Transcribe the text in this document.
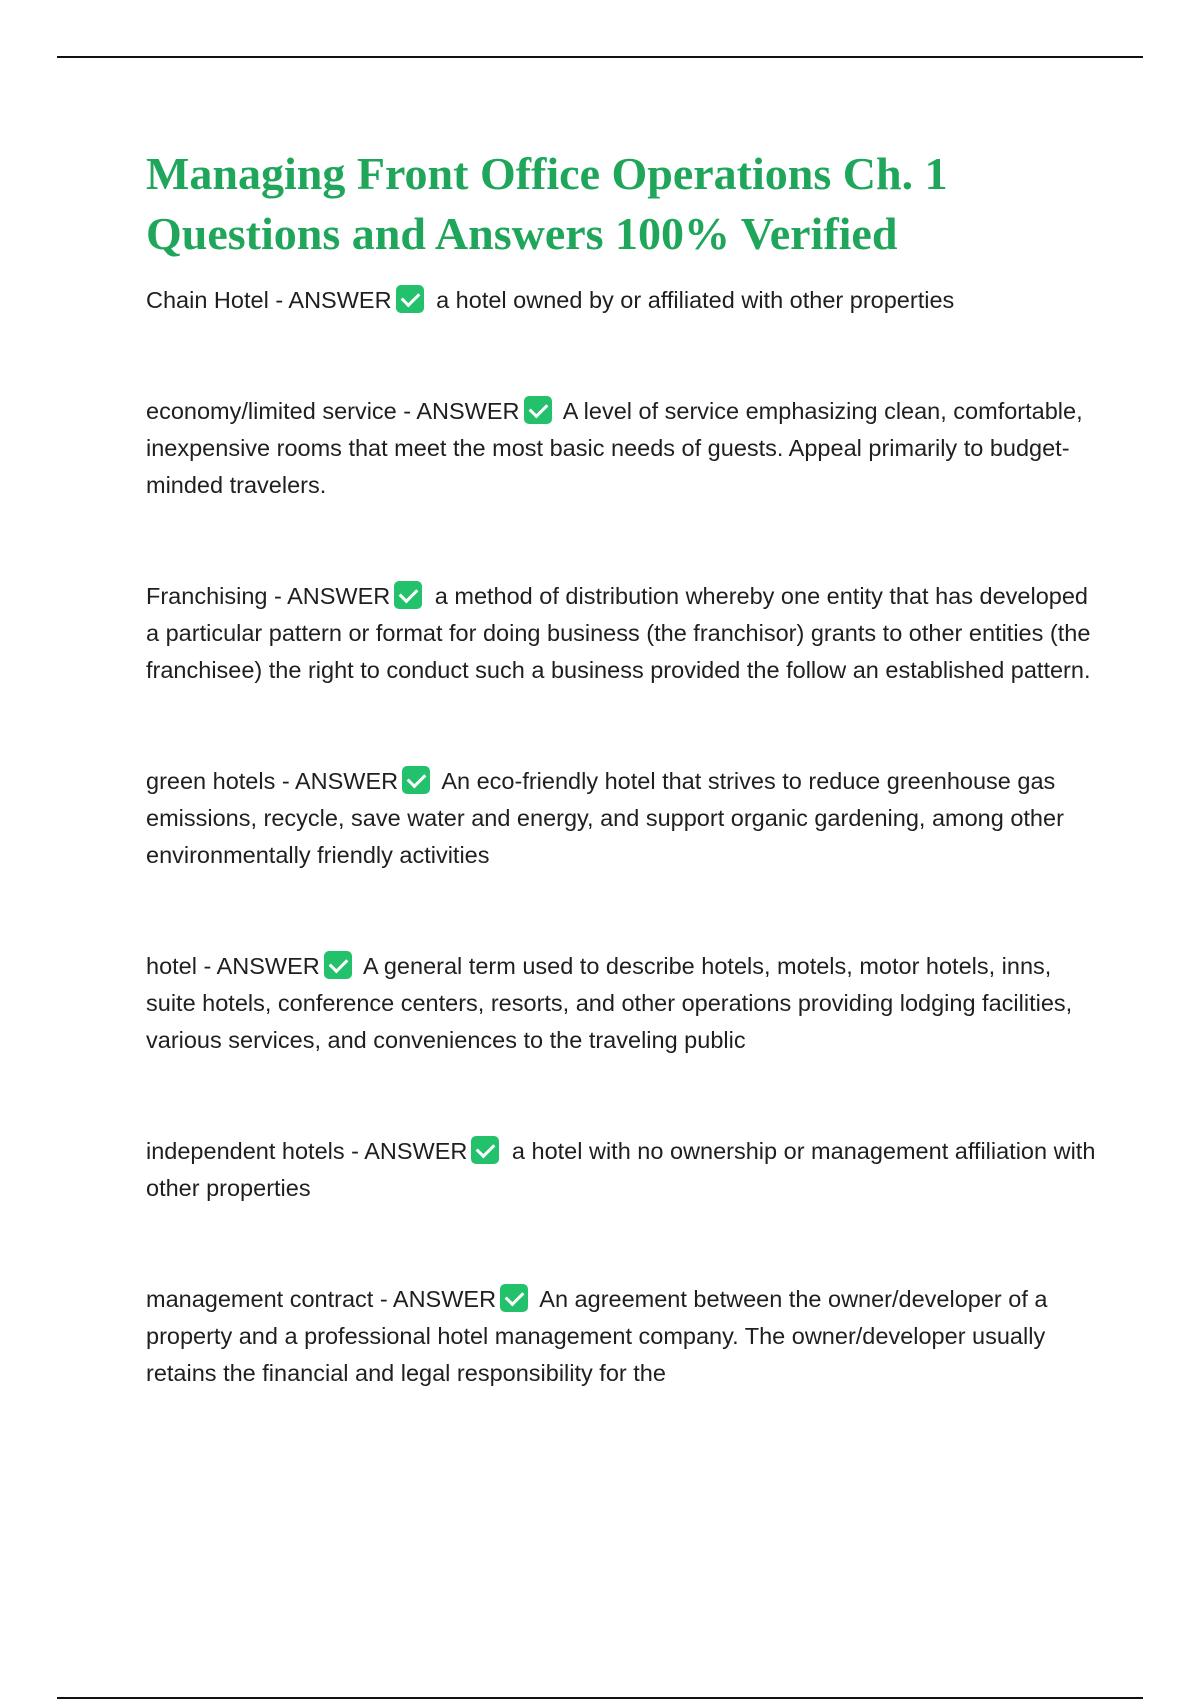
Managing Front Office Operations Ch. 1 Questions and Answers 100% Verified

Chain Hotel - ANSWER a hotel owned by or affiliated with other properties

economy/limited service - ANSWER A level of service emphasizing clean, comfortable, inexpensive rooms that meet the most basic needs of guests. Appeal primarily to budget-minded travelers.

Franchising - ANSWER a method of distribution whereby one entity that has developed a particular pattern or format for doing business (the franchisor) grants to other entities (the franchisee) the right to conduct such a business provided the follow an established pattern.

green hotels - ANSWER An eco-friendly hotel that strives to reduce greenhouse gas emissions, recycle, save water and energy, and support organic gardening, among other environmentally friendly activities

hotel - ANSWER A general term used to describe hotels, motels, motor hotels, inns, suite hotels, conference centers, resorts, and other operations providing lodging facilities, various services, and conveniences to the traveling public

independent hotels - ANSWER a hotel with no ownership or management affiliation with other properties

management contract - ANSWER An agreement between the owner/developer of a property and a professional hotel management company. The owner/developer usually retains the financial and legal responsibility for the
